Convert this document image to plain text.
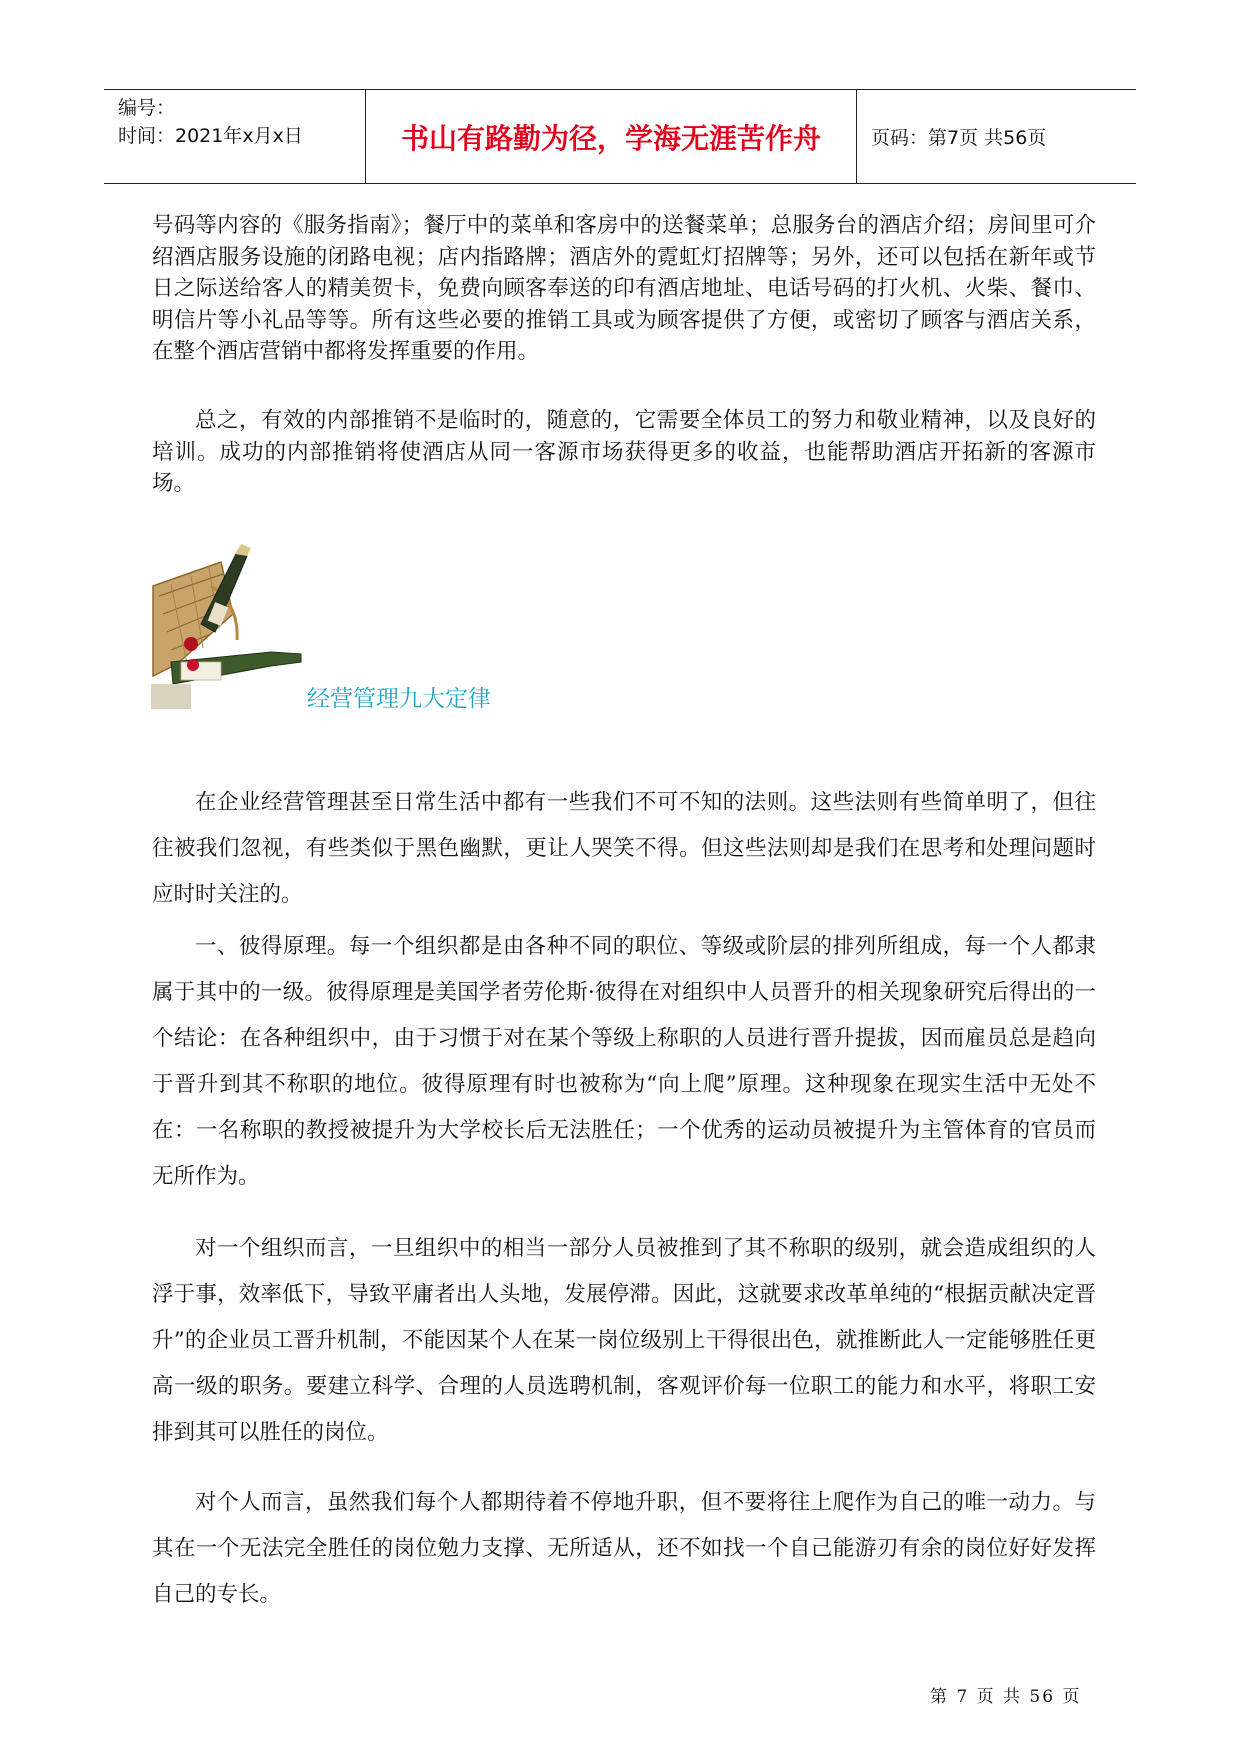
编号：
时间：2021年x月x日	书山有路勤为径，学海无涯苦作舟	页码：第7页 共56页

号码等内容的《服务指南》；餐厅中的菜单和客房中的送餐菜单；总服务台的酒店介绍；房间里可介绍酒店服务设施的闭路电视；店内指路牌；酒店外的霓虹灯招牌等；另外，还可以包括在新年或节日之际送给客人的精美贺卡，免费向顾客奉送的印有酒店地址、电话号码的打火机、火柴、餐巾、明信片等小礼品等等。所有这些必要的推销工具或为顾客提供了方便，或密切了顾客与酒店关系，在整个酒店营销中都将发挥重要的作用。

总之，有效的内部推销不是临时的，随意的，它需要全体员工的努力和敬业精神，以及良好的培训。成功的内部推销将使酒店从同一客源市场获得更多的收益，也能帮助酒店开拓新的客源市场。

经营管理九大定律

在企业经营管理甚至日常生活中都有一些我们不可不知的法则。这些法则有些简单明了，但往往被我们忽视，有些类似于黑色幽默，更让人哭笑不得。但这些法则却是我们在思考和处理问题时应时时关注的。

一、彼得原理。每一个组织都是由各种不同的职位、等级或阶层的排列所组成，每一个人都隶属于其中的一级。彼得原理是美国学者劳伦斯·彼得在对组织中人员晋升的相关现象研究后得出的一个结论：在各种组织中，由于习惯于对在某个等级上称职的人员进行晋升提拔，因而雇员总是趋向于晋升到其不称职的地位。彼得原理有时也被称为“向上爬”原理。这种现象在现实生活中无处不在：一名称职的教授被提升为大学校长后无法胜任；一个优秀的运动员被提升为主管体育的官员而无所作为。

对一个组织而言，一旦组织中的相当一部分人员被推到了其不称职的级别，就会造成组织的人浮于事，效率低下，导致平庸者出人头地，发展停滞。因此，这就要求改革单纯的“根据贡献决定晋升”的企业员工晋升机制，不能因某个人在某一岗位级别上干得很出色，就推断此人一定能够胜任更高一级的职务。要建立科学、合理的人员选聘机制，客观评价每一位职工的能力和水平，将职工安排到其可以胜任的岗位。

对个人而言，虽然我们每个人都期待着不停地升职，但不要将往上爬作为自己的唯一动力。与其在一个无法完全胜任的岗位勉力支撑、无所适从，还不如找一个自己能游刃有余的岗位好好发挥自己的专长。

第 7 页 共 56 页
